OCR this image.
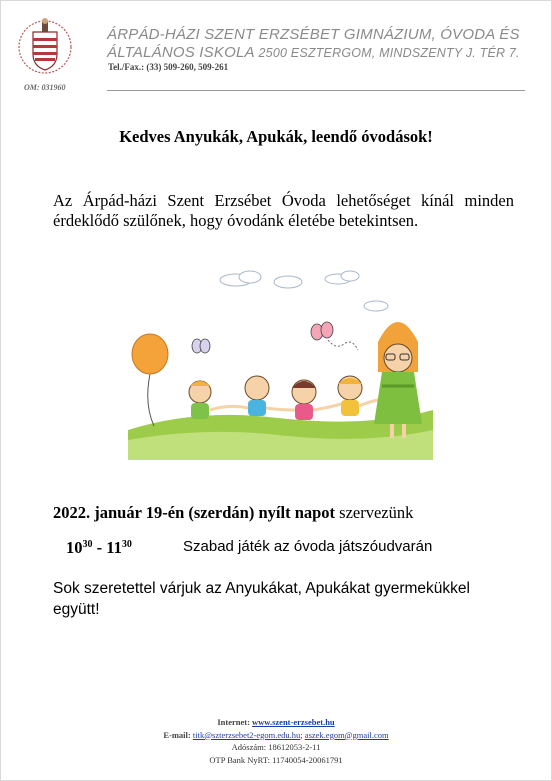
OM: 031960
ÁRPÁD-HÁZI SZENT ERZSÉBET GIMNÁZIUM, ÓVODA ÉS
ÁLTALÁNOS ISKOLA 2500 ESZTERGOM, MINDSZENTY J. TÉR 7.
Tel./Fax.: (33) 509-260, 509-261
Kedves Anyukák, Apukák, leendő óvodások!
Az Árpád-házi Szent Erzsébet Óvoda lehetőséget kínál minden érdeklődő szülőnek, hogy óvodánk életébe betekintsen.
2022. január 19-én (szerdán) nyílt napot szervezünk
$10^{30} - 11^{30}$	Szabad játék az óvoda játszóudvarán
Sok szeretettel várjuk az Anyukákat, Apukákat gyermekükkel együtt!
Internet: www.szent-erzsebet.hu
E-mail: titk@szterzsebet2-egom.edu.hu; aszek.egom@gmail.com
Adószám: 18612053-2-11
OTP Bank NyRT: 11740054-20061791
